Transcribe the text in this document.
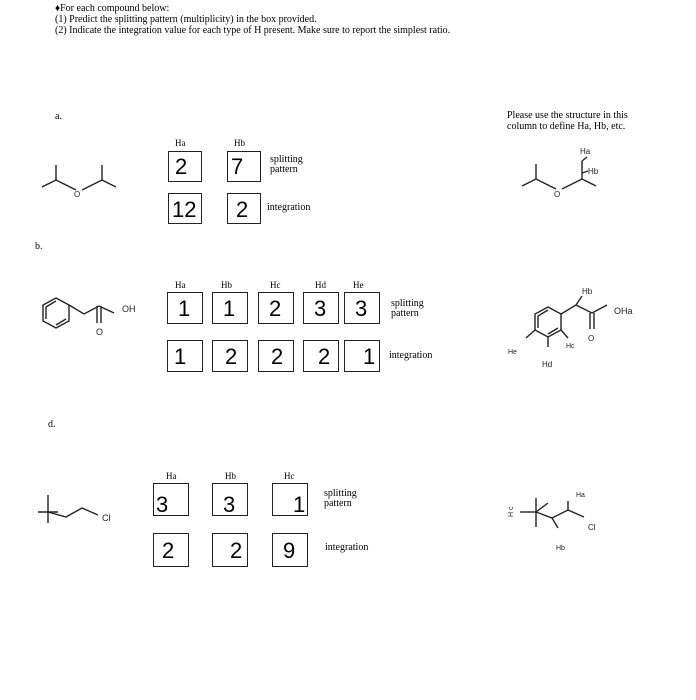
♦For each compound below:
(1) Predict the splitting pattern (multiplicity) in the box provided.
(2) Indicate the integration value for each type of H present. Make sure to report the simplest ratio.
Please use the structure in this
column to define Ha, Hb, etc.
a.
O
Ha	Hb
2 7	splitting
pattern
12 2 integration
O
Ha
Hb
b.
OH
O
Ha	Hb	Hc	Hd	He
1 1 2 3 3 splitting
pattern
1 2 2 2 1 integration
Hb
OHa
O
He
Hd
Hc
d.
Cl
Ha	Hb	Hc
3 3	1 splitting
pattern
2	2 9	integration
H c
Ha
Cl
Hb
